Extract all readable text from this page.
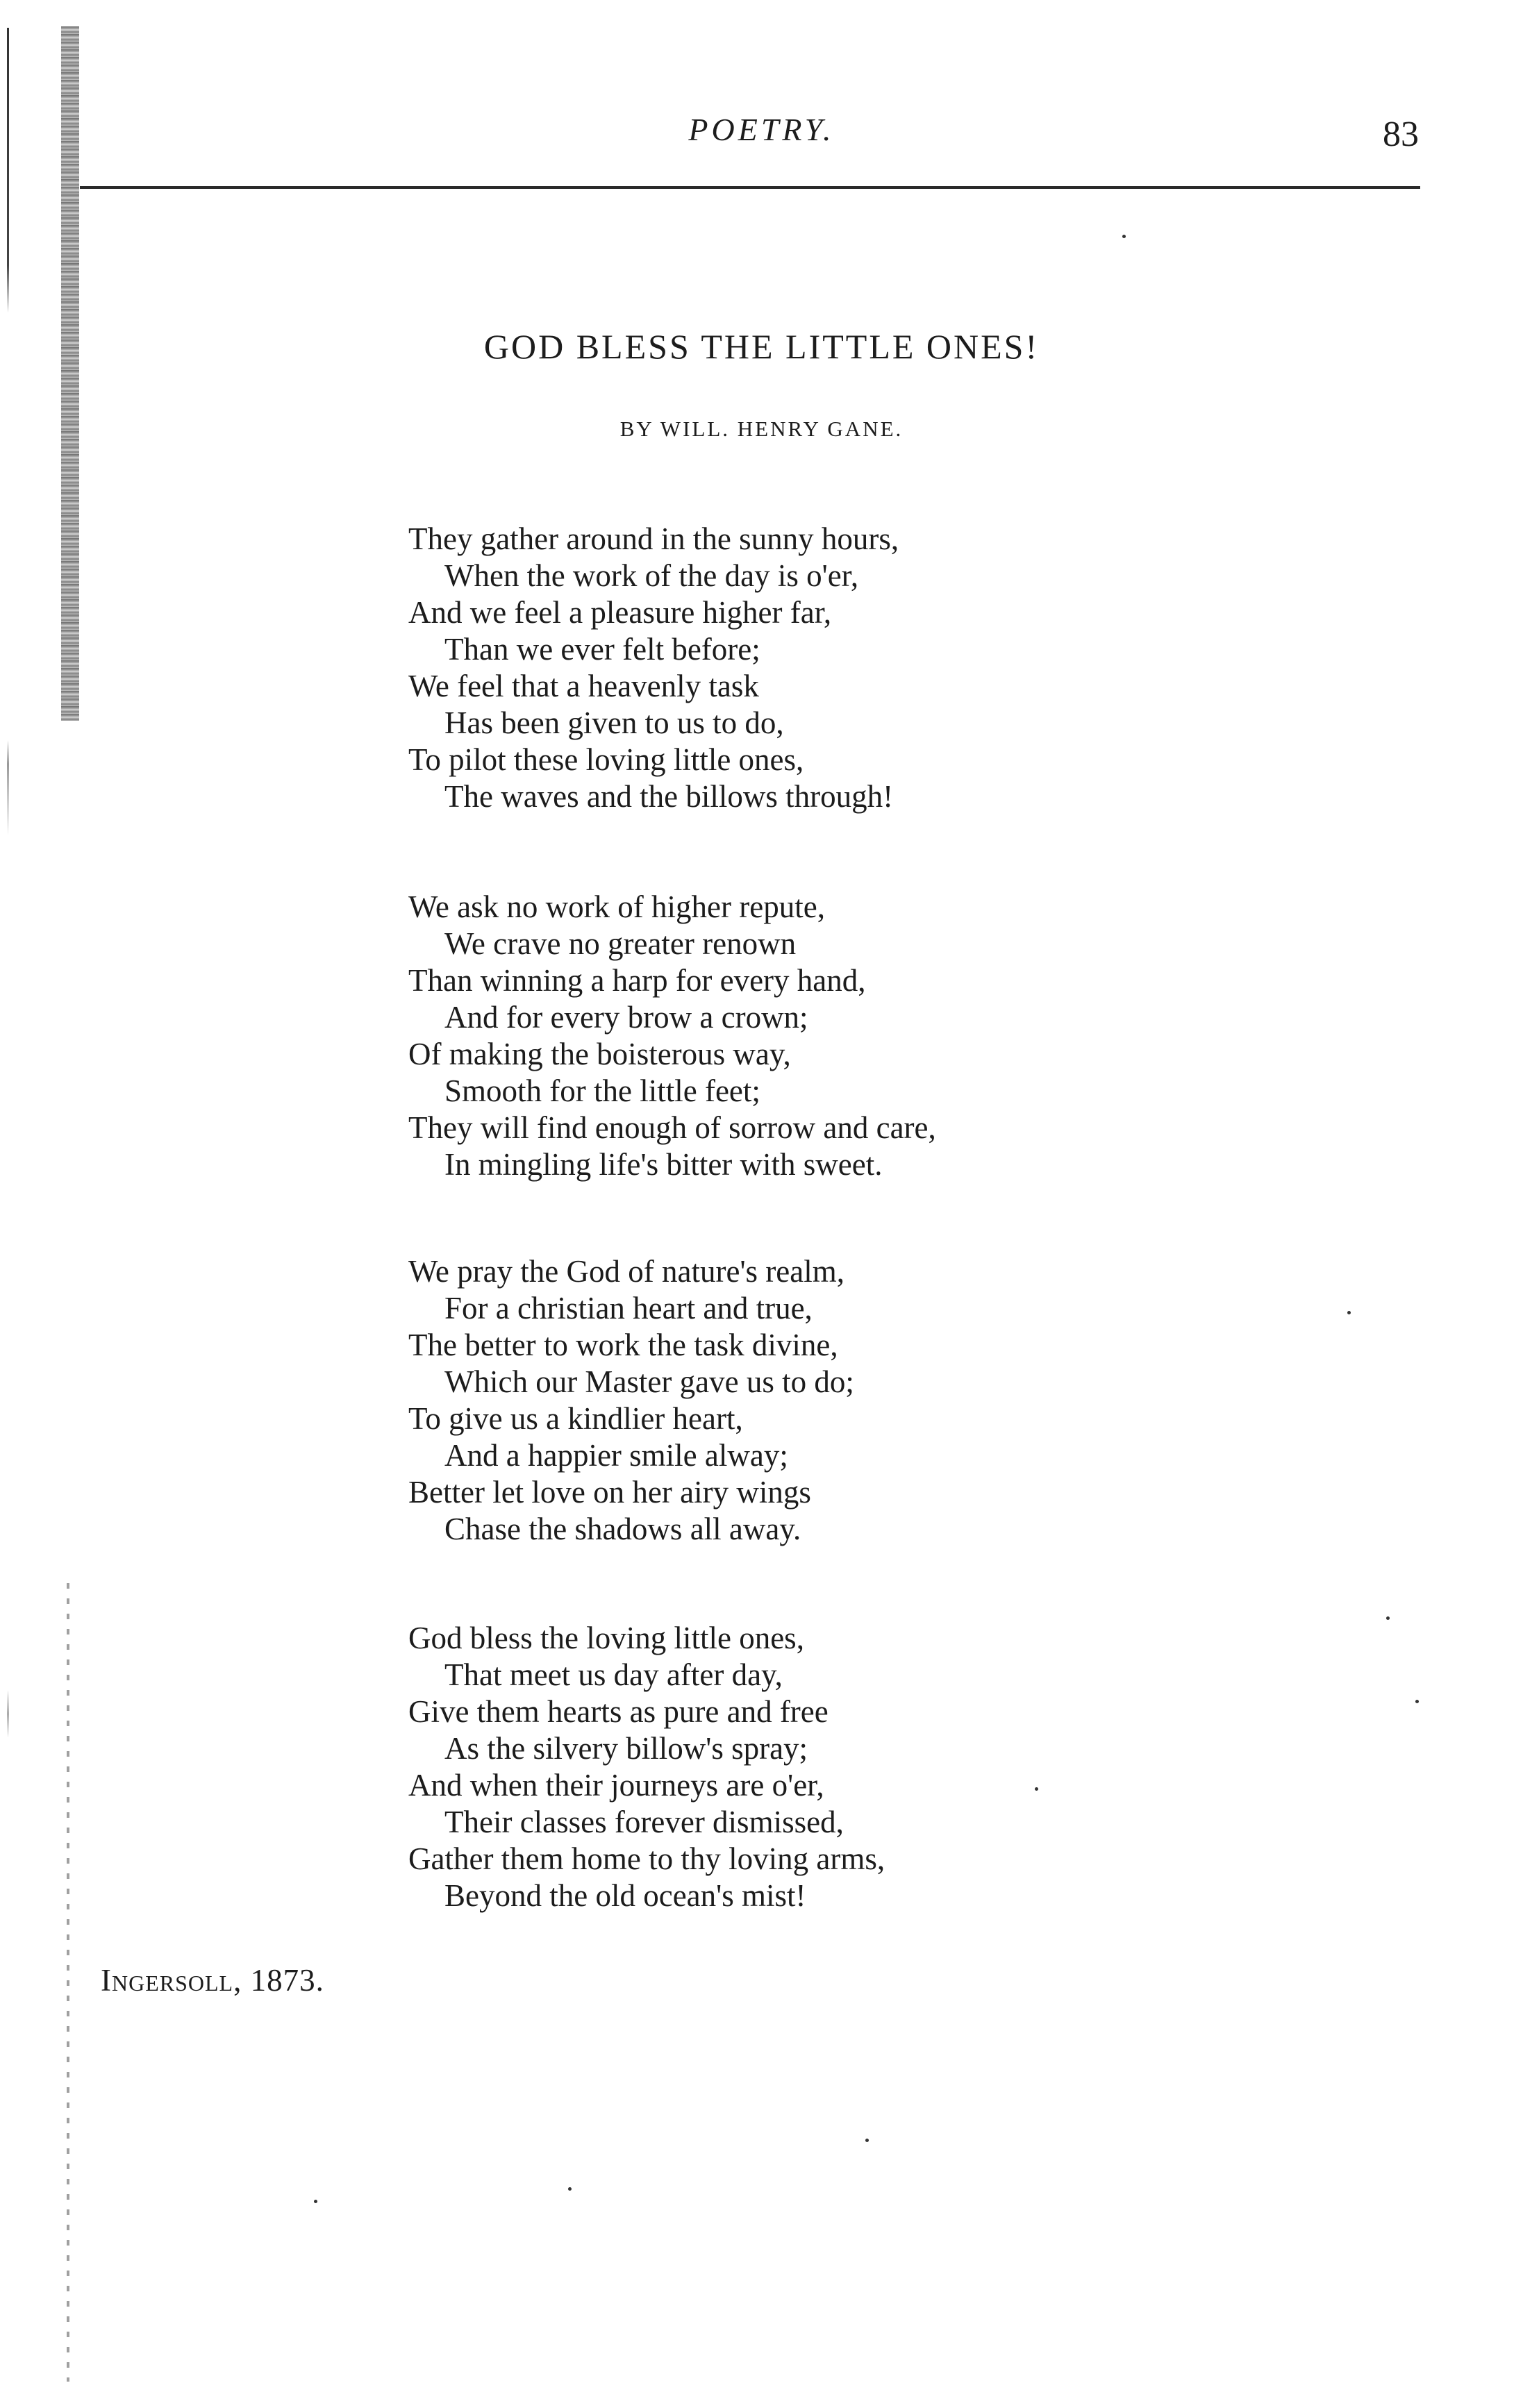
POETRY.	83
GOD BLESS THE LITTLE ONES!
BY WILL. HENRY GANE.
They gather around in the sunny hours,
When the work of the day is o'er,
And we feel a pleasure higher far,
Than we ever felt before;
We feel that a heavenly task
Has been given to us to do,
To pilot these loving little ones,
The waves and the billows through!
We ask no work of higher repute,
We crave no greater renown
Than winning a harp for every hand,
And for every brow a crown;
Of making the boisterous way,
Smooth for the little feet;
They will find enough of sorrow and care,
In mingling life's bitter with sweet.
We pray the God of nature's realm,
For a christian heart and true,
The better to work the task divine,
Which our Master gave us to do;
To give us a kindlier heart,
And a happier smile alway;
Better let love on her airy wings
Chase the shadows all away.
God bless the loving little ones,
That meet us day after day,
Give them hearts as pure and free
As the silvery billow's spray;
And when their journeys are o'er,
Their classes forever dismissed,
Gather them home to thy loving arms,
Beyond the old ocean's mist!
Ingersoll, 1873.
